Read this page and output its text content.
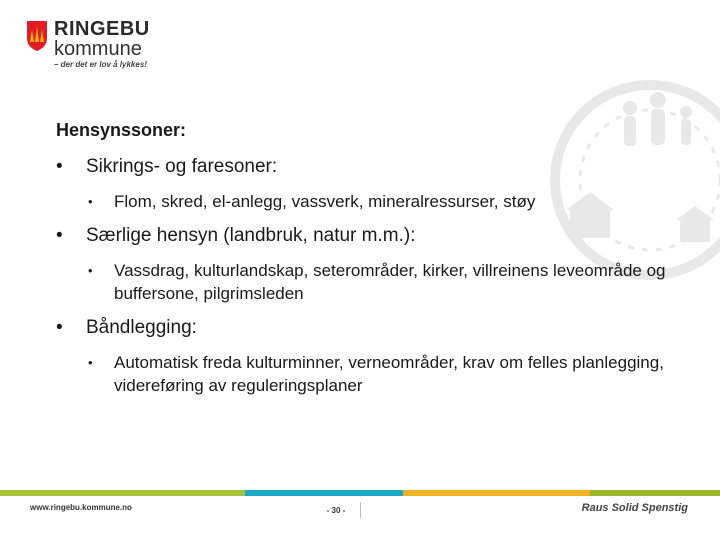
RINGEBU
kommune
– der det er lov å lykkes!
Hensynssoner:
• Sikrings- og faresoner:
• Flom, skred, el-anlegg, vassverk, mineralressurser, støy
• Særlige hensyn (landbruk, natur m.m.):
• Vassdrag, kulturlandskap, seterområder, kirker, villreinens leveområde og buffersone, pilgrimsleden
• Båndlegging:
• Automatisk freda kulturminner, verneområder, krav om felles planlegging, videreføring av reguleringsplaner
www.ringebu.kommune.no	- 30 -	Raus Solid Spenstig
